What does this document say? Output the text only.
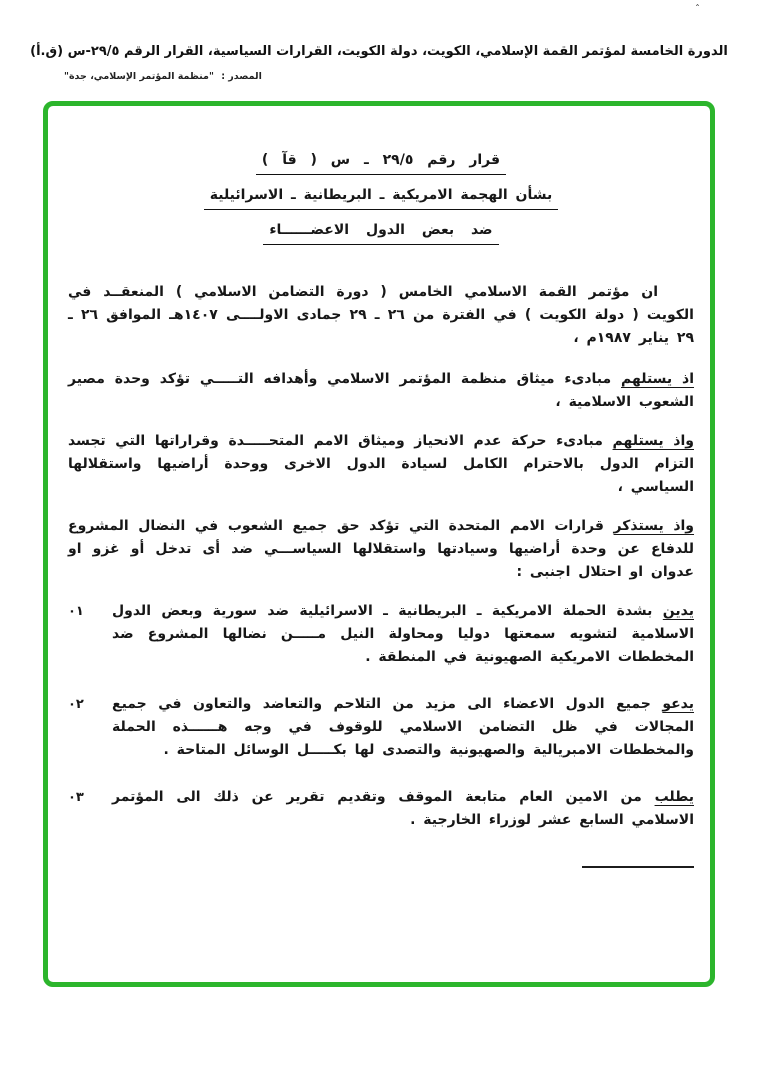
ˆ
الدورة الخامسة لمؤتمر القمة الإسلامي، الكويت، دولة الكويت، القرارات السياسية، القرار الرقم ٢٩/٥-س (ق.أ)
المصدر : "منظمة المؤتمر الإسلامي، جدة"
قرار رقم ٢٩/٥ ـ س ( قآ )
بشأن الهجمة الامريكية ـ البريطانية ـ الاسرائيلية
ضد بعض الدول الاعضــــــاء

ان مؤتمر القمة الاسلامي الخامس ( دورة التضامن الاسلامي ) المنعقــد في الكويت ( دولة الكويت ) في الفترة من ٢٦ ـ ٢٩ جمادى الاولــــى ١٤٠٧هـ الموافق ٢٦ ـ ٢٩ يناير ١٩٨٧م ،

اذ يستلهم مبادىء ميثاق منظمة المؤتمر الاسلامي وأهدافه التـــــي تؤكد وحدة مصير الشعوب الاسلامية ،

واذ يستلهم مبادىء حركة عدم الانحياز وميثاق الامم المتحـــــدة وقراراتها التي تجسد التزام الدول بالاحترام الكامل لسيادة الدول الاخرى ووحدة أراضيها واستقلالها السياسي ،

واذ يستذكر قرارات الامم المتحدة التي تؤكد حق جميع الشعوب في النضال المشروع للدفاع عن وحدة أراضيها وسيادتها واستقلالها السياســـي ضد أى تدخل أو غزو او عدوان او احتلال اجنبى :

٠١	يدين بشدة الحملة الامريكية ـ البريطانية ـ الاسرائيلية ضد سورية وبعض الدول الاسلامية لتشويه سمعتها دوليا ومحاولة النيل مـــــن نضالها المشروع ضد المخططات الامريكية الصهيونية في المنطقة .

٠٢	يدعو جميع الدول الاعضاء الى مزيد من التلاحم والتعاضد والتعاون في جميع المجالات في ظل التضامن الاسلامي للوقوف في وجه هــــــذه الحملة والمخططات الامبريالية والصهيونية والتصدى لها بكـــــل الوسائل المتاحة .

٠٣	يطلب من الامين العام متابعة الموقف وتقديم تقرير عن ذلك الى المؤتمر الاسلامي السابع عشر لوزراء الخارجية .
